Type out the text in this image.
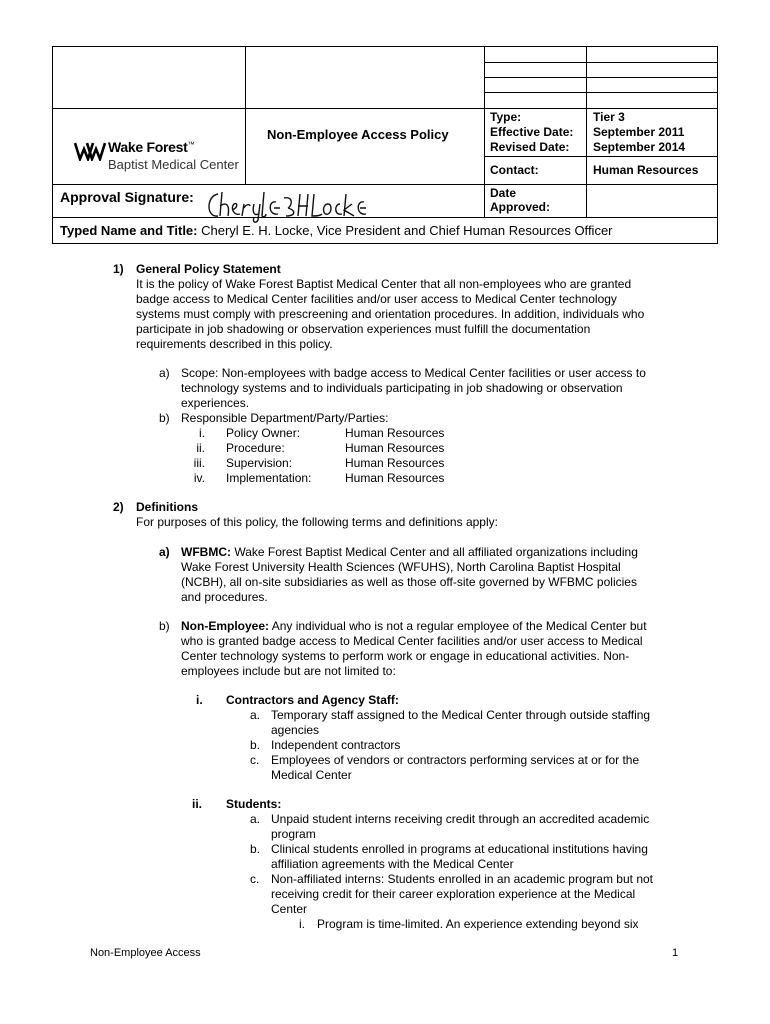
Wake Forest™
Baptist Medical Center
Non-Employee Access Policy
Type:	Tier 3
Effective Date: September 2011
Revised Date: September 2014
Contact:	Human Resources
Date
Approved:
Approval Signature:
Typed Name and Title: Cheryl E. H. Locke, Vice President and Chief Human Resources Officer
1) General Policy Statement
It is the policy of Wake Forest Baptist Medical Center that all non-employees who are granted
badge access to Medical Center facilities and/or user access to Medical Center technology
systems must comply with prescreening and orientation procedures. In addition, individuals who
participate in job shadowing or observation experiences must fulfill the documentation
requirements described in this policy.
a) Scope: Non-employees with badge access to Medical Center facilities or user access to
technology systems and to individuals participating in job shadowing or observation
experiences.
b) Responsible Department/Party/Parties:
i. Policy Owner:	Human Resources
ii. Procedure:	Human Resources
iii. Supervision:	Human Resources
iv. Implementation:	Human Resources
2) Definitions
For purposes of this policy, the following terms and definitions apply:
a) WFBMC: Wake Forest Baptist Medical Center and all affiliated organizations including
Wake Forest University Health Sciences (WFUHS), North Carolina Baptist Hospital
(NCBH), all on-site subsidiaries as well as those off-site governed by WFBMC policies
and procedures.
b) Non-Employee: Any individual who is not a regular employee of the Medical Center but
who is granted badge access to Medical Center facilities and/or user access to Medical
Center technology systems to perform work or engage in educational activities. Non-
employees include but are not limited to:
i. Contractors and Agency Staff:
a. Temporary staff assigned to the Medical Center through outside staffing
agencies
b. Independent contractors
c. Employees of vendors or contractors performing services at or for the
Medical Center
ii. Students:
a. Unpaid student interns receiving credit through an accredited academic
program
b. Clinical students enrolled in programs at educational institutions having
affiliation agreements with the Medical Center
c. Non-affiliated interns: Students enrolled in an academic program but not
receiving credit for their career exploration experience at the Medical
Center
i. Program is time-limited. An experience extending beyond six
Non-Employee Access	1
